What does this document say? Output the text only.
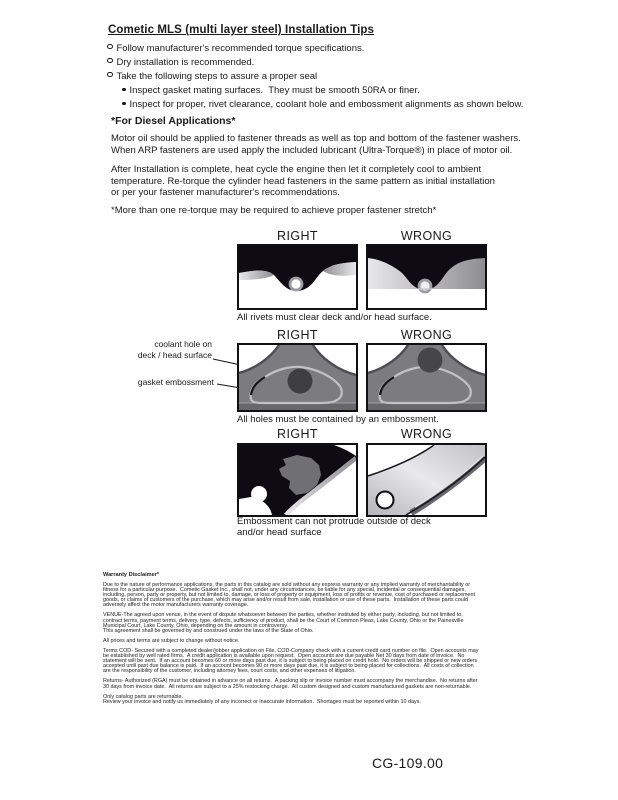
Cometic MLS (multi layer steel) Installation Tips
Follow manufacturer's recommended torque specifications.
Dry installation is recommended.
Take the following steps to assure a proper seal
Inspect gasket mating surfaces.  They must be smooth 50RA or finer.
Inspect for proper, rivet clearance, coolant hole and embossment alignments as shown below.
*For Diesel Applications*
Motor oil should be applied to fastener threads as well as top and bottom of the fastener washers.
When ARP fasteners are used apply the included lubricant (Ultra-Torque®) in place of motor oil.
After Installation is complete, heat cycle the engine then let it completely cool to ambient
temperature. Re-torque the cylinder head fasteners in the same pattern as initial installation
or per your fastener manufacturer's recommendations.
*More than one re-torque may be required to achieve proper fastener stretch*
RIGHT	WRONG
All rivets must clear deck and/or head surface.
RIGHT	WRONG
coolant hole on
deck / head surface
gasket embossment
All holes must be contained by an embossment.
RIGHT	WRONG
Embossment can not protrude outside of deck
and/or head surface
Warranty Disclaimer*

Due to the nature of performance applications, the parts in this catalog are sold without any express warranty or any implied warranty of merchantability or
fitness for a particular purpose.  Cometic Gasket Inc., shall not, under any circumstances, be liable for any special, incidental or consequential damages,
including, person, party or property, but not limited to, damage, or loss of property or equipment, loss of profits or revenue, cost of purchased or replacement
goods, or claims of customers of the purchase, which may arise and/or result from sale, installation or use of these parts.  Installation of these parts could
adversely affect the motor manufacturers warranty coverage.

VENUE-The agreed upon venue, in the event of dispute whatsoever between the parties, whether instituted by either party, including, but not limited to,
contract terms, payment terms, delivery, type, defects, sufficiency of product, shall be the Court of Common Pleas, Lake County, Ohio or the Painesville
Municipal Court, Lake County, Ohio, depending on the amount in controversy.
This agreement shall be governed by and construed under the laws of the State of Ohio.

All prices and terms are subject to change without notice.

Terms COD- Secured with a completed dealer/jobber application on File, COD-Company check with a current credit card number on file.  Open accounts may
be established by well rated firms.  A credit application is available upon request.  Open accounts are due payable Net 30 days from date of invoice.  No
statement will be sent.  If an account becomes 60 or more days past due, it is subject to being placed on credit hold.  No orders will be shipped or new orders
accepted until past due balance is paid.  If an account becomes 90 or more days past due, it is subject to being placed for collections.  All costs of collection
are the responsibility of the customer, including attorney fees, court costs, and other expenses of litigation.

Returns- Authorized (RGA) must be obtained in advance on all returns.  A packing slip or invoice number must accompany the merchandise.  No returns after
30 days from invoice date.  All returns are subject to a 25% restocking charge.  All custom designed and custom manufactured gaskets are non-returnable.

Only catalog parts are returnable.
Review your invoice and notify us immediately of any incorrect or inaccurate information.  Shortages must be reported within 10 days.

CG-109.00
